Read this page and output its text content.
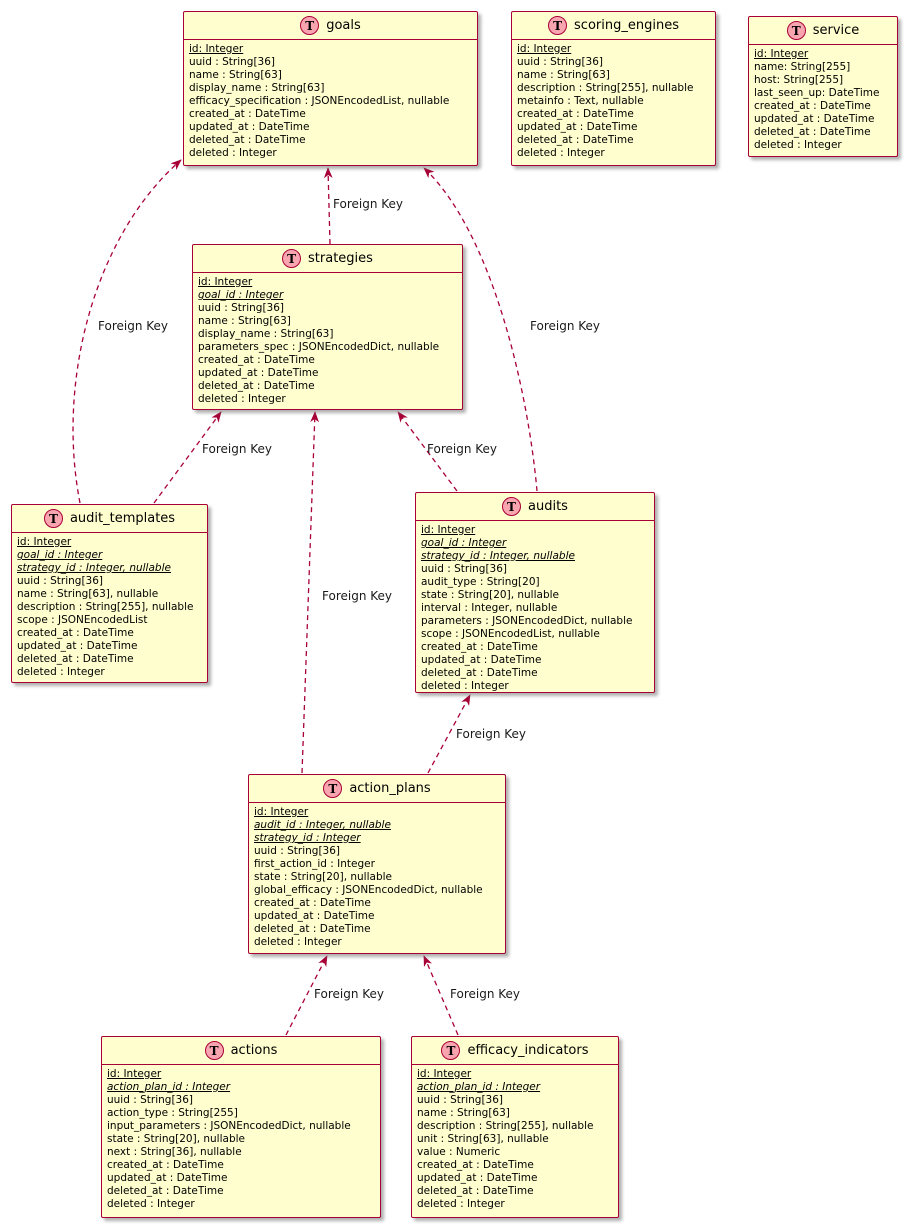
Foreign Key
Foreign Key
Foreign Key
Foreign Key
Foreign Key
Foreign Key
Foreign Key
Foreign Key	Foreign Key
T goals
id: Integer
uuid : String[36]
name : String[63]
display_name : String[63]
efficacy_specification : JSONEncodedList, nullable
created_at : DateTime
updated_at : DateTime
deleted_at : DateTime
deleted : Integer
T scoring_engines
id: Integer
uuid : String[36]
name : String[63]
description : String[255], nullable
metainfo : Text, nullable
created_at : DateTime
updated_at : DateTime
deleted_at : DateTime
deleted : Integer
T service
id: Integer
name: String[255]
host: String[255]
last_seen_up: DateTime
created_at : DateTime
updated_at : DateTime
deleted_at : DateTime
deleted : Integer
T strategies
id: Integer
goal_id : Integer
uuid : String[36]
name : String[63]
display_name : String[63]
parameters_spec : JSONEncodedDict, nullable
created_at : DateTime
updated_at : DateTime
deleted_at : DateTime
deleted : Integer
T audit_templates
id: Integer
goal_id : Integer
strategy_id : Integer, nullable
uuid : String[36]
name : String[63], nullable
description : String[255], nullable
scope : JSONEncodedList
created_at : DateTime
updated_at : DateTime
deleted_at : DateTime
deleted : Integer
T audits
id: Integer
goal_id : Integer
strategy_id : Integer, nullable
uuid : String[36]
audit_type : String[20]
state : String[20], nullable
interval : Integer, nullable
parameters : JSONEncodedDict, nullable
scope : JSONEncodedList, nullable
created_at : DateTime
updated_at : DateTime
deleted_at : DateTime
deleted : Integer
T action_plans
id: Integer
audit_id : Integer, nullable
strategy_id : Integer
uuid : String[36]
first_action_id : Integer
state : String[20], nullable
global_efficacy : JSONEncodedDict, nullable
created_at : DateTime
updated_at : DateTime
deleted_at : DateTime
deleted : Integer
T actions
id: Integer
action_plan_id : Integer
uuid : String[36]
action_type : String[255]
input_parameters : JSONEncodedDict, nullable
state : String[20], nullable
next : String[36], nullable
created_at : DateTime
updated_at : DateTime
deleted_at : DateTime
deleted : Integer
T efficacy_indicators
id: Integer
action_plan_id : Integer
uuid : String[36]
name : String[63]
description : String[255], nullable
unit : String[63], nullable
value : Numeric
created_at : DateTime
updated_at : DateTime
deleted_at : DateTime
deleted : Integer
